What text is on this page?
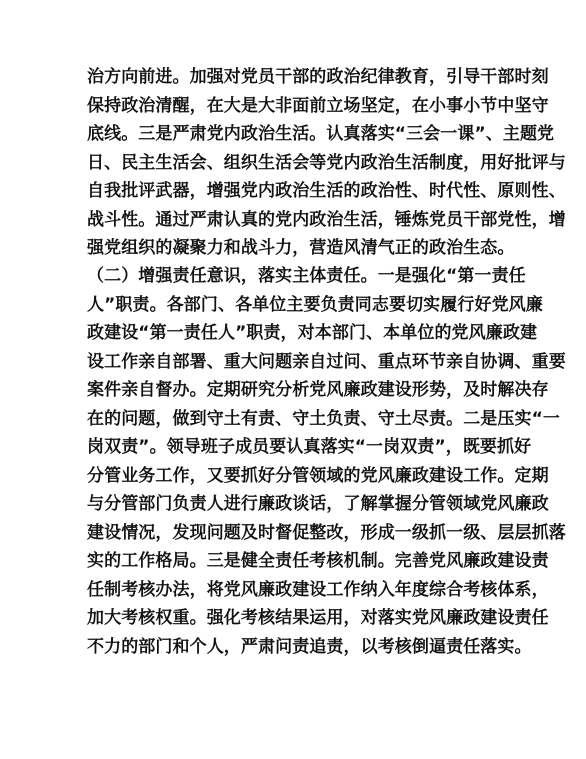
治方向前进。加强对党员干部的政治纪律教育，引导干部时刻
保持政治清醒，在大是大非面前立场坚定，在小事小节中坚守
底线。三是严肃党内政治生活。认真落实“三会一课”、主题党
日、民主生活会、组织生活会等党内政治生活制度，用好批评与
自我批评武器，增强党内政治生活的政治性、时代性、原则性、
战斗性。通过严肃认真的党内政治生活，锤炼党员干部党性，增
强党组织的凝聚力和战斗力，营造风清气正的政治生态。
（二）增强责任意识，落实主体责任。一是强化“第一责任
人”职责。各部门、各单位主要负责同志要切实履行好党风廉
政建设“第一责任人”职责，对本部门、本单位的党风廉政建
设工作亲自部署、重大问题亲自过问、重点环节亲自协调、重要
案件亲自督办。定期研究分析党风廉政建设形势，及时解决存
在的问题，做到守土有责、守土负责、守土尽责。二是压实“一
岗双责”。领导班子成员要认真落实“一岗双责”，既要抓好
分管业务工作，又要抓好分管领域的党风廉政建设工作。定期
与分管部门负责人进行廉政谈话，了解掌握分管领域党风廉政
建设情况，发现问题及时督促整改，形成一级抓一级、层层抓落
实的工作格局。三是健全责任考核机制。完善党风廉政建设责
任制考核办法，将党风廉政建设工作纳入年度综合考核体系，
加大考核权重。强化考核结果运用，对落实党风廉政建设责任
不力的部门和个人，严肃问责追责，以考核倒逼责任落实。
